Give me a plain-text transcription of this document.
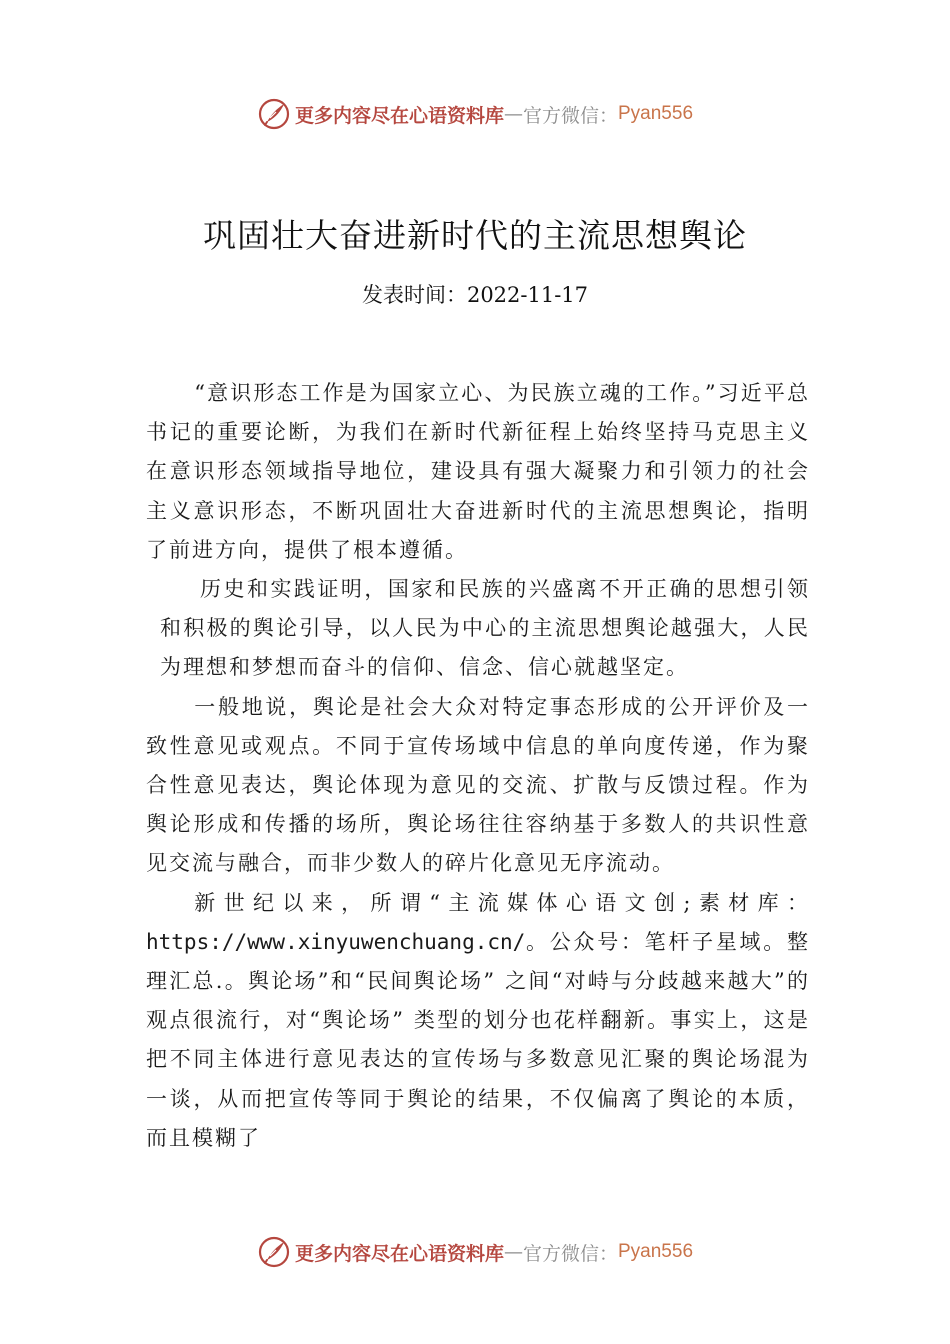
更多内容尽在心语资料库 — 官方微信： Pyan556
巩固壮大奋进新时代的主流思想舆论
发表时间：2022-11-17

“意识形态工作是为国家立心、为民族立魂的工作。”习近平总书记的重要论断，为我们在新时代新征程上始终坚持马克思主义在意识形态领域指导地位，建设具有强大凝聚力和引领力的社会主义意识形态，不断巩固壮大奋进新时代的主流思想舆论，指明了前进方向，提供了根本遵循。

历史和实践证明，国家和民族的兴盛离不开正确的思想引领和积极的舆论引导，以人民为中心的主流思想舆论越强大，人民为理想和梦想而奋斗的信仰、信念、信心就越坚定。

一般地说，舆论是社会大众对特定事态形成的公开评价及一致性意见或观点。不同于宣传场域中信息的单向度传递，作为聚合性意见表达，舆论体现为意见的交流、扩散与反馈过程。作为舆论形成和传播的场所，舆论场往往容纳基于多数人的共识性意见交流与融合，而非少数人的碎片化意见无序流动。

新世纪以来，所谓“主流媒体心语文创;素材库：https://www.xinyuwenchuang.cn/。公众号：笔杆子星域。整理汇总.。舆论场”和“民间舆论场” 之间“对峙与分歧越来越大”的观点很流行，对“舆论场” 类型的划分也花样翻新。事实上，这是把不同主体进行意见表达的宣传场与多数意见汇聚的舆论场混为一谈，从而把宣传等同于舆论的结果，不仅偏离了舆论的本质，而且模糊了

更多内容尽在心语资料库 — 官方微信： Pyan556
